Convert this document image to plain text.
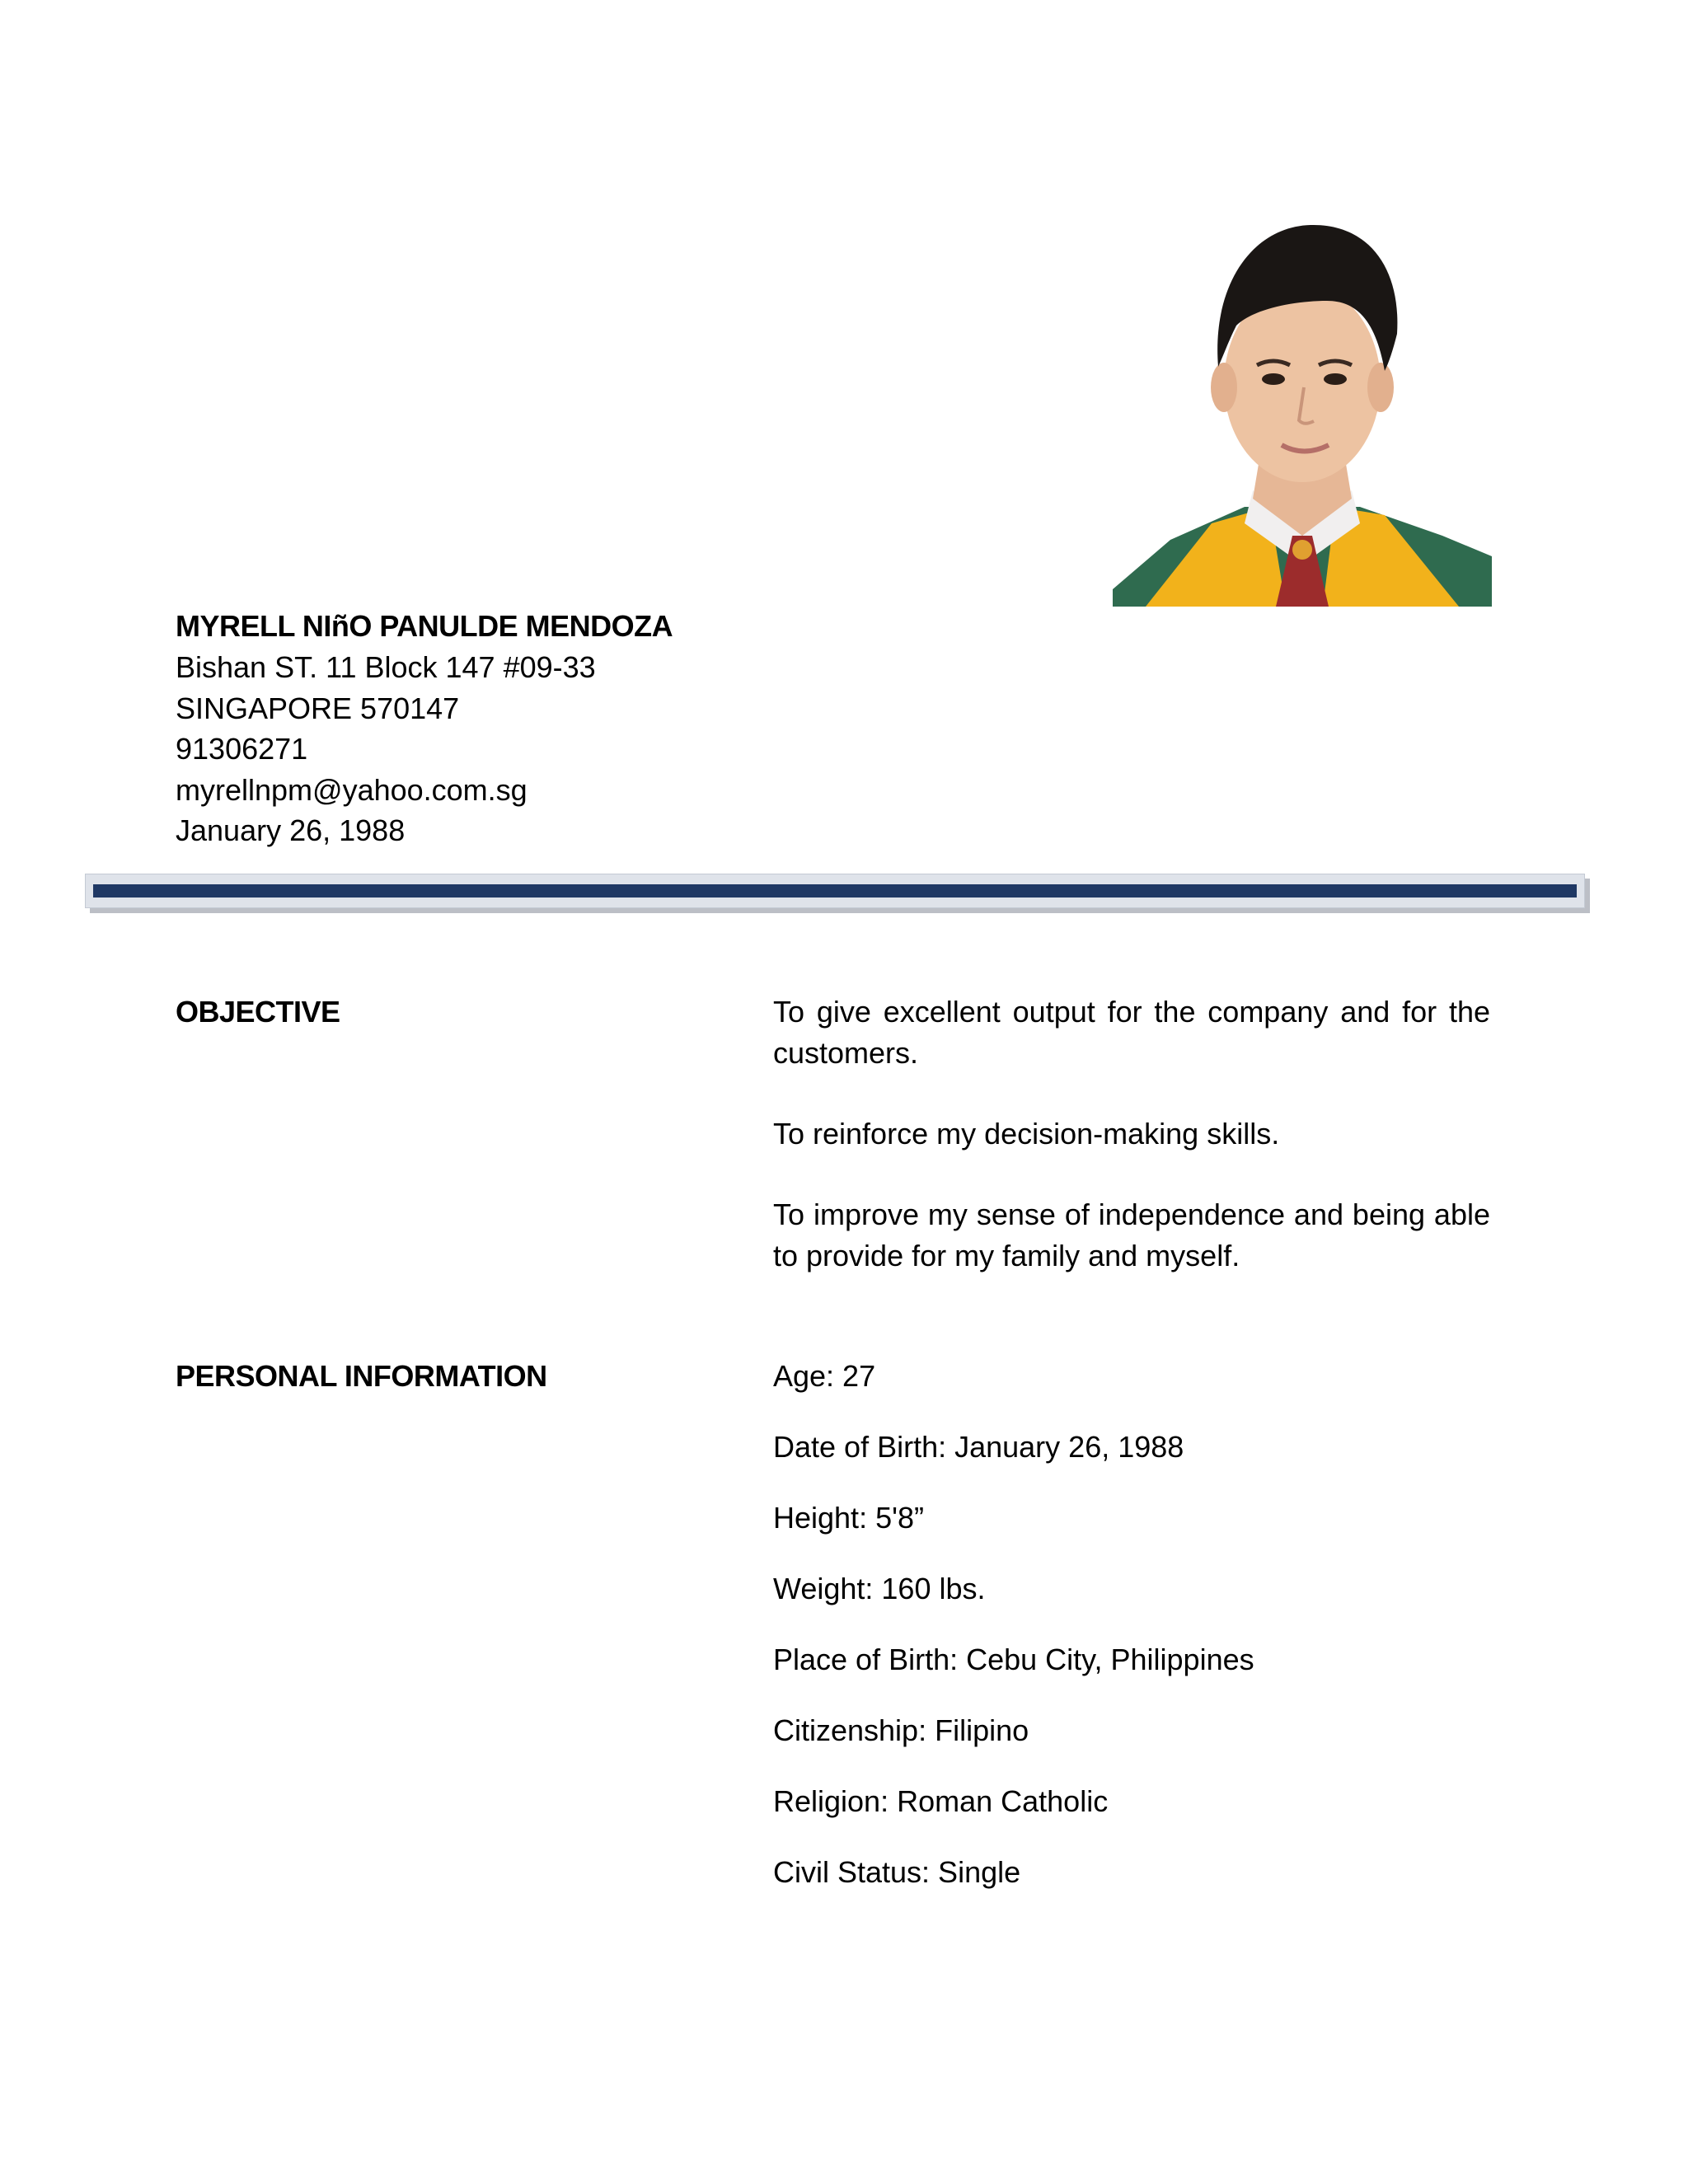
MYRELL NIñO PANULDE MENDOZA
Bishan ST. 11 Block 147 #09-33
SINGAPORE 570147
91306271
myrellnpm@yahoo.com.sg
January 26, 1988
OBJECTIVE	To give excellent output for the company and for the customers.

To reinforce my decision-making skills.

To improve my sense of independence and being able to provide for my family and myself.

PERSONAL INFORMATION	Age: 27
Date of Birth: January 26, 1988
Height: 5'8”
Weight: 160 lbs.
Place of Birth: Cebu City, Philippines
Citizenship: Filipino
Religion: Roman Catholic
Civil Status: Single
